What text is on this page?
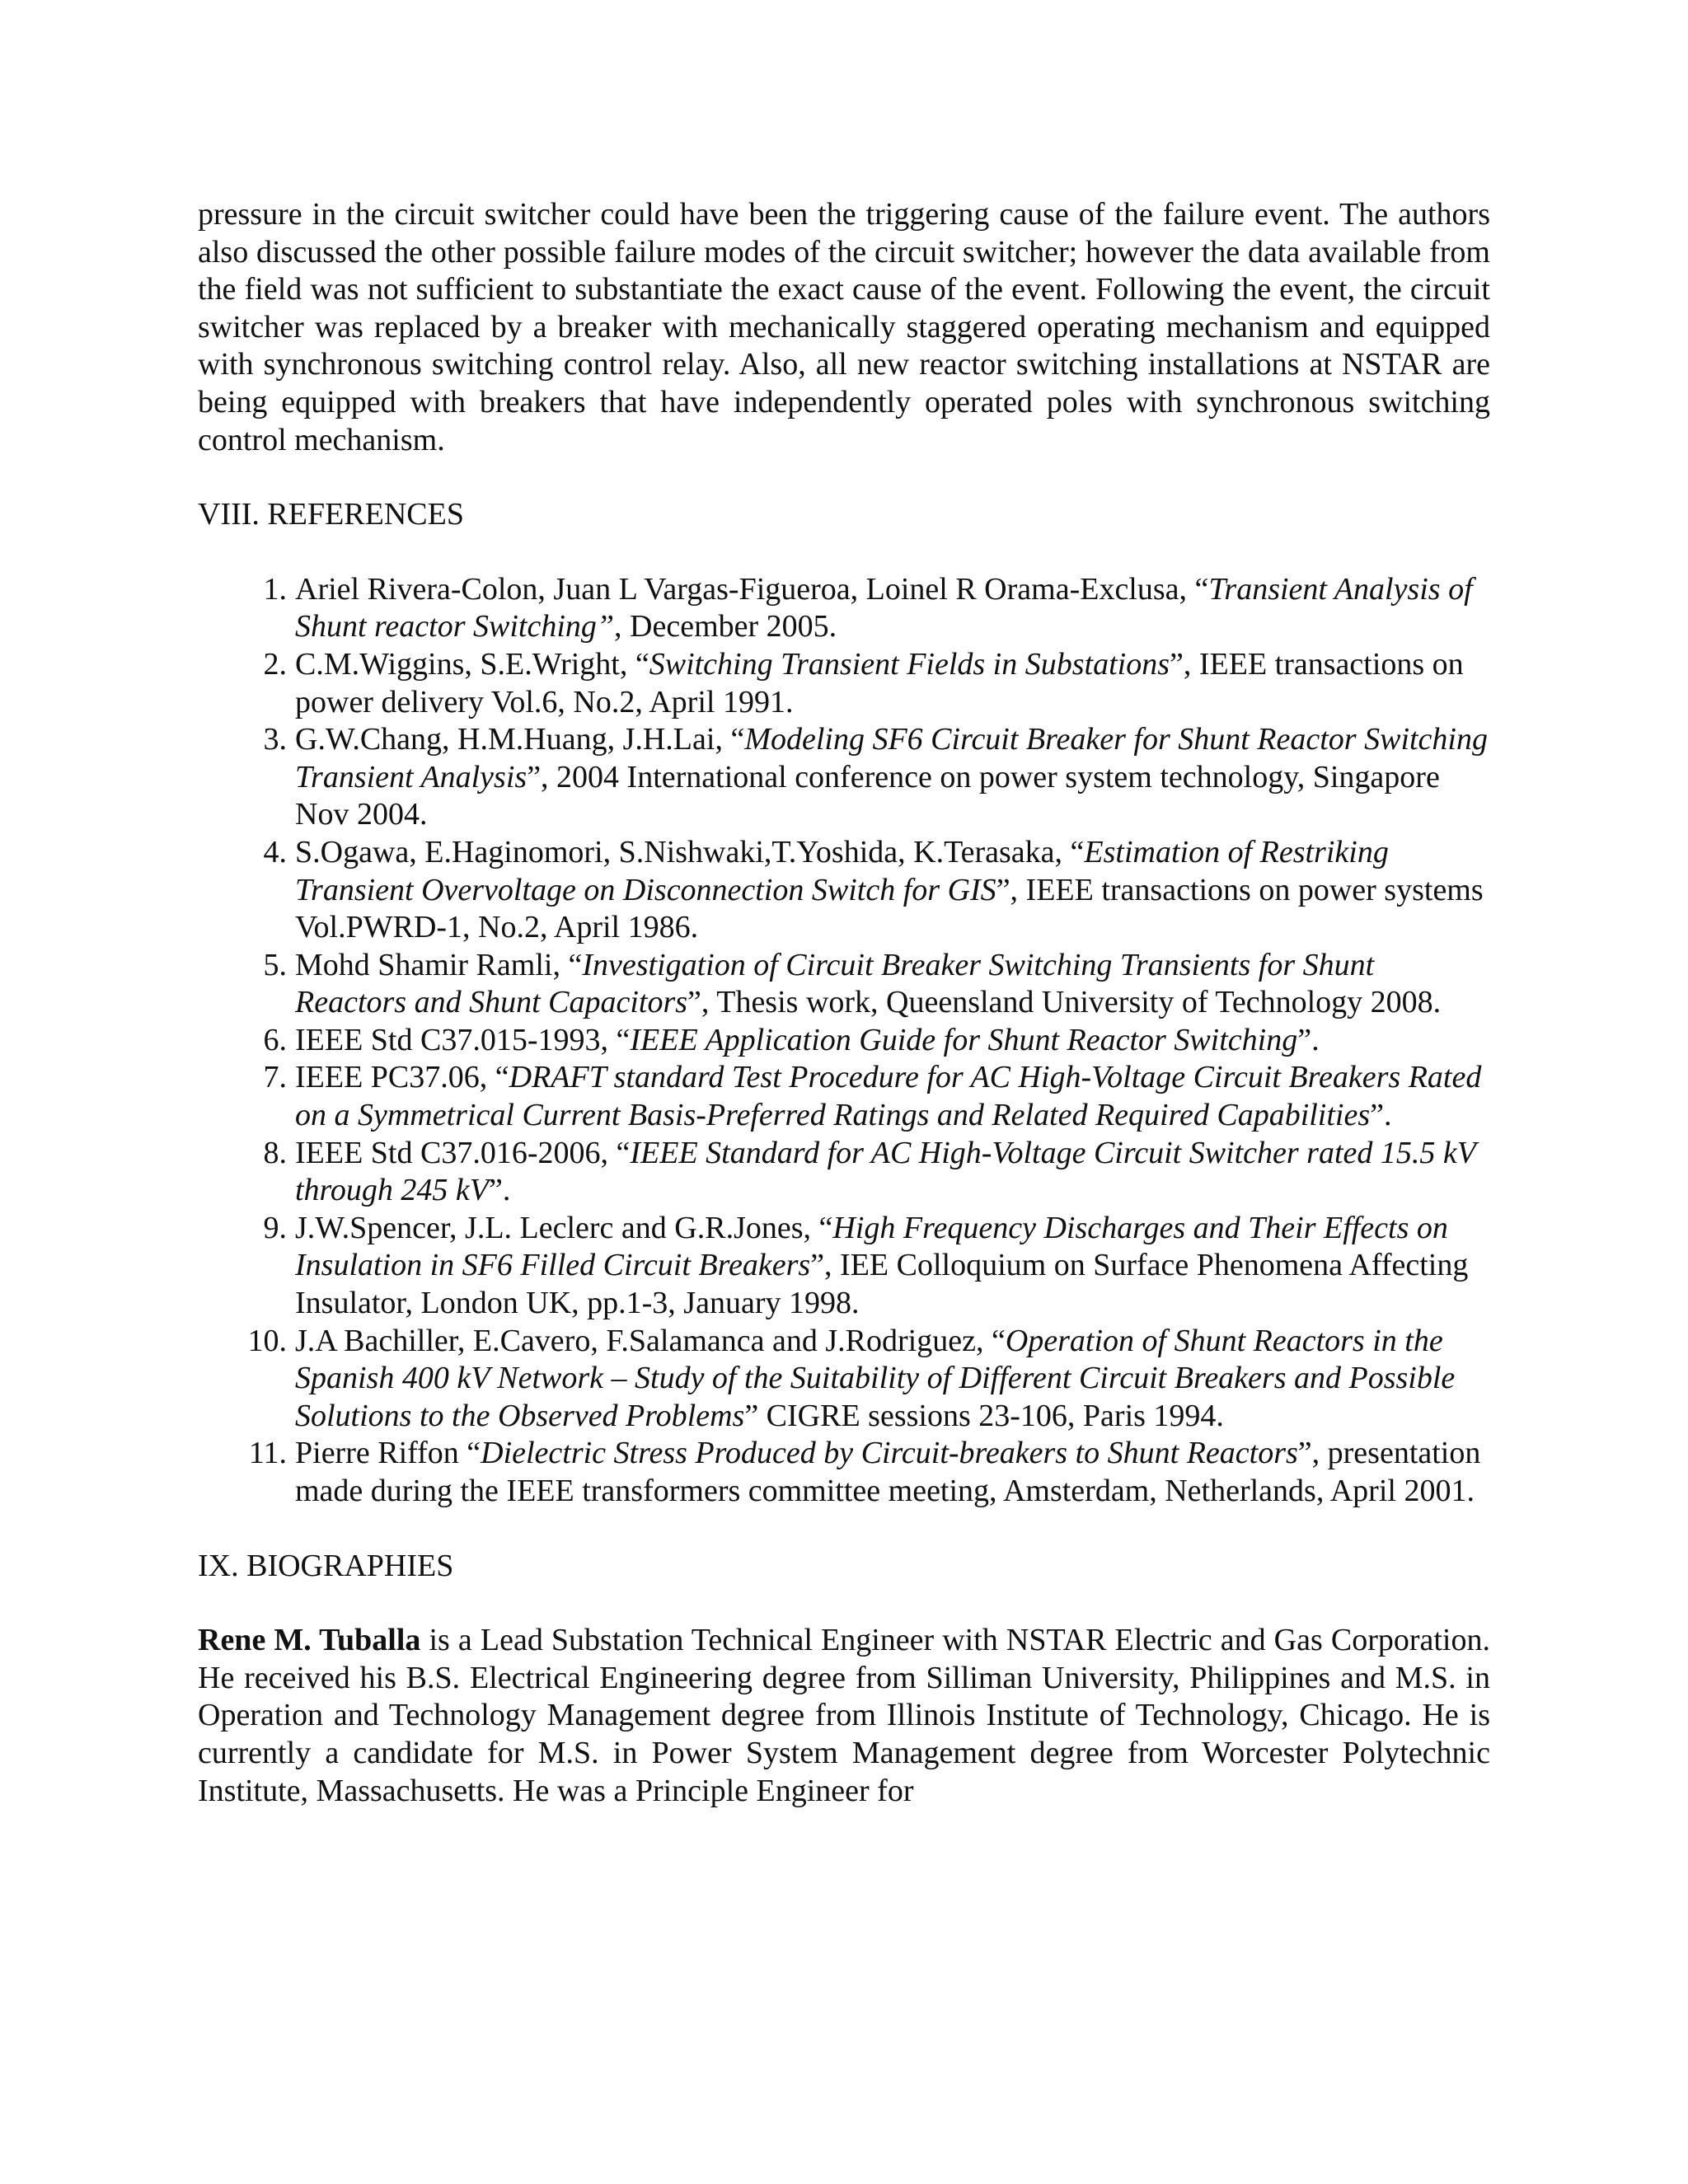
pressure in the circuit switcher could have been the triggering cause of the failure event. The authors also discussed the other possible failure modes of the circuit switcher; however the data available from the field was not sufficient to substantiate the exact cause of the event. Following the event, the circuit switcher was replaced by a breaker with mechanically staggered operating mechanism and equipped with synchronous switching control relay. Also, all new reactor switching installations at NSTAR are being equipped with breakers that have independently operated poles with synchronous switching control mechanism.

VIII. REFERENCES

1. Ariel Rivera-Colon, Juan L Vargas-Figueroa, Loinel R Orama-Exclusa, “Transient Analysis of Shunt reactor Switching”, December 2005.
2. C.M.Wiggins, S.E.Wright, “Switching Transient Fields in Substations”, IEEE transactions on power delivery Vol.6, No.2, April 1991.
3. G.W.Chang, H.M.Huang, J.H.Lai, “Modeling SF6 Circuit Breaker for Shunt Reactor Switching Transient Analysis”, 2004 International conference on power system technology, Singapore Nov 2004.
4. S.Ogawa, E.Haginomori, S.Nishwaki,T.Yoshida, K.Terasaka, “Estimation of Restriking Transient Overvoltage on Disconnection Switch for GIS”, IEEE transactions on power systems Vol.PWRD-1, No.2, April 1986.
5. Mohd Shamir Ramli, “Investigation of Circuit Breaker Switching Transients for Shunt Reactors and Shunt Capacitors”, Thesis work, Queensland University of Technology 2008.
6. IEEE Std C37.015-1993, “IEEE Application Guide for Shunt Reactor Switching”.
7. IEEE PC37.06, “DRAFT standard Test Procedure for AC High-Voltage Circuit Breakers Rated on a Symmetrical Current Basis-Preferred Ratings and Related Required Capabilities”.
8. IEEE Std C37.016-2006, “IEEE Standard for AC High-Voltage Circuit Switcher rated 15.5 kV through 245 kV”.
9. J.W.Spencer, J.L. Leclerc and G.R.Jones, “High Frequency Discharges and Their Effects on Insulation in SF6 Filled Circuit Breakers”, IEE Colloquium on Surface Phenomena Affecting Insulator, London UK, pp.1-3, January 1998.
10. J.A Bachiller, E.Cavero, F.Salamanca and J.Rodriguez, “Operation of Shunt Reactors in the Spanish 400 kV Network – Study of the Suitability of Different Circuit Breakers and Possible Solutions to the Observed Problems” CIGRE sessions 23-106, Paris 1994.
11. Pierre Riffon “Dielectric Stress Produced by Circuit-breakers to Shunt Reactors”, presentation made during the IEEE transformers committee meeting, Amsterdam, Netherlands, April 2001.

IX. BIOGRAPHIES

Rene M. Tuballa is a Lead Substation Technical Engineer with NSTAR Electric and Gas Corporation. He received his B.S. Electrical Engineering degree from Silliman University, Philippines and M.S. in Operation and Technology Management degree from Illinois Institute of Technology, Chicago. He is currently a candidate for M.S. in Power System Management degree from Worcester Polytechnic Institute, Massachusetts. He was a Principle Engineer for
